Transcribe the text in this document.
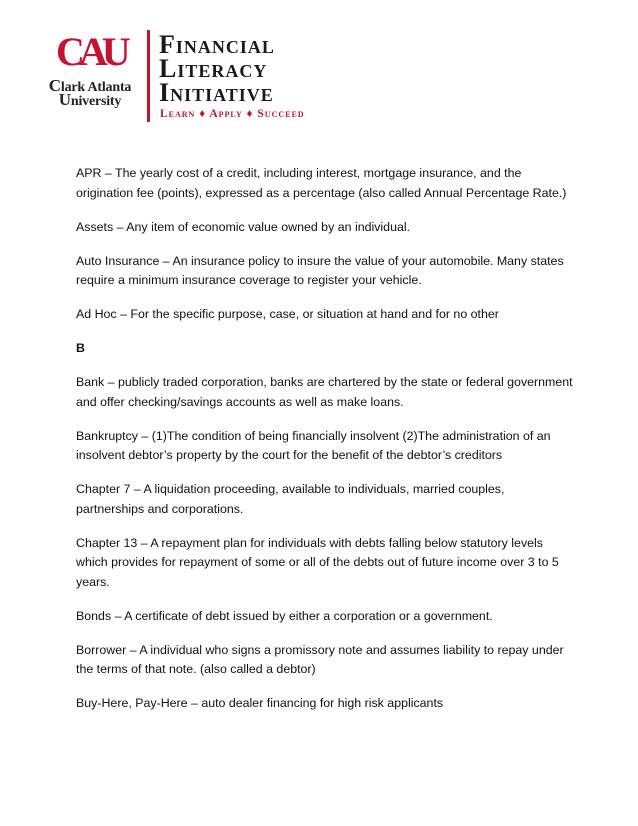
CAU
Clark Atlanta
University
Financial
Literacy
Initiative
Learn ♦ Apply ♦ Succeed

APR – The yearly cost of a credit, including interest, mortgage insurance, and the origination fee (points), expressed as a percentage (also called Annual Percentage Rate.)

Assets – Any item of economic value owned by an individual.

Auto Insurance – An insurance policy to insure the value of your automobile. Many states require a minimum insurance coverage to register your vehicle.

Ad Hoc – For the specific purpose, case, or situation at hand and for no other

B

Bank – publicly traded corporation, banks are chartered by the state or federal government and offer checking/savings accounts as well as make loans.

Bankruptcy – (1)The condition of being financially insolvent (2)The administration of an insolvent debtor’s property by the court for the benefit of the debtor’s creditors

Chapter 7 – A liquidation proceeding, available to individuals, married couples, partnerships and corporations.

Chapter 13 – A repayment plan for individuals with debts falling below statutory levels which provides for repayment of some or all of the debts out of future income over 3 to 5 years.

Bonds – A certificate of debt issued by either a corporation or a government.

Borrower – A individual who signs a promissory note and assumes liability to repay under the terms of that note. (also called a debtor)

Buy-Here, Pay-Here – auto dealer financing for high risk applicants
